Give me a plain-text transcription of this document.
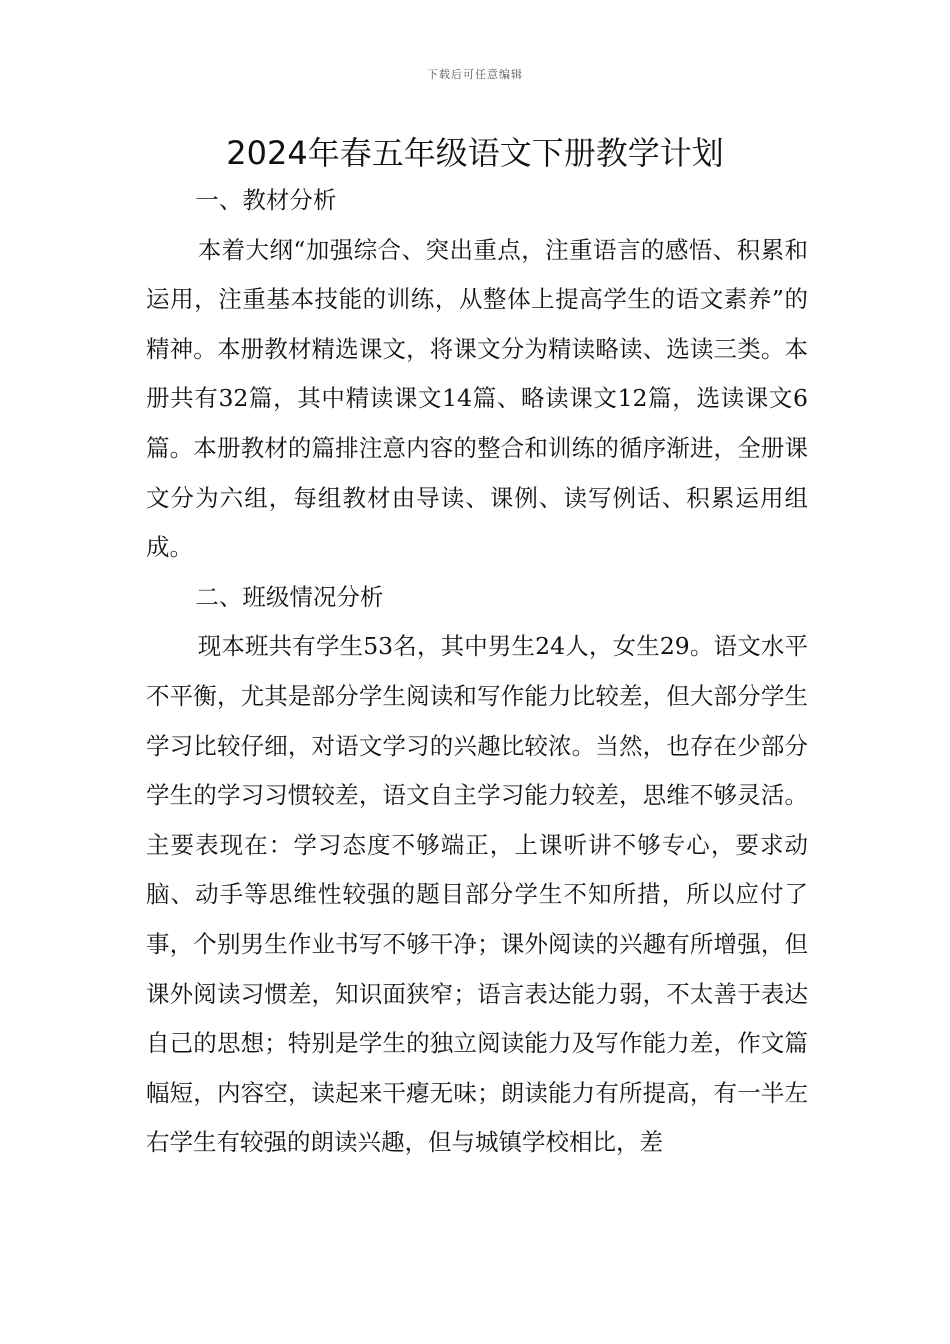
下载后可任意编辑
2024年春五年级语文下册教学计划

一、教材分析

本着大纲“加强综合、突出重点，注重语言的感悟、积累和运用，注重基本技能的训练，从整体上提高学生的语文素养”的精神。本册教材精选课文，将课文分为精读略读、选读三类。本册共有32篇，其中精读课文14篇、略读课文12篇，选读课文6篇。本册教材的篇排注意内容的整合和训练的循序渐进，全册课文分为六组，每组教材由导读、课例、读写例话、积累运用组成。

二、班级情况分析

现本班共有学生53名，其中男生24人，女生29。语文水平不平衡，尤其是部分学生阅读和写作能力比较差，但大部分学生学习比较仔细，对语文学习的兴趣比较浓。当然，也存在少部分学生的学习习惯较差，语文自主学习能力较差，思维不够灵活。主要表现在：学习态度不够端正，上课听讲不够专心，要求动脑、动手等思维性较强的题目部分学生不知所措，所以应付了事，个别男生作业书写不够干净；课外阅读的兴趣有所增强，但课外阅读习惯差，知识面狭窄；语言表达能力弱，不太善于表达自己的思想；特别是学生的独立阅读能力及写作能力差，作文篇幅短，内容空，读起来干瘪无味；朗读能力有所提高，有一半左右学生有较强的朗读兴趣，但与城镇学校相比，差
